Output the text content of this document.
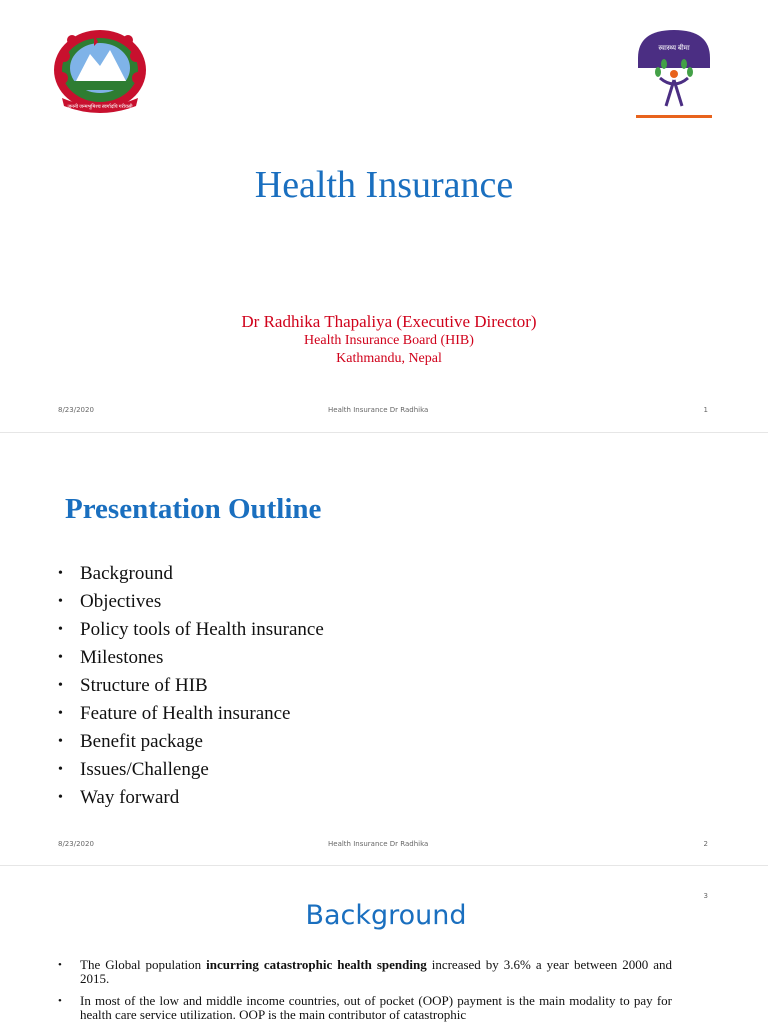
जननी जन्मभूमिश्च स्वर्गादपि गरीयसी
स्वास्थ्य बीमा
Health Insurance
Dr Radhika Thapaliya (Executive Director)
Health Insurance Board (HIB)
Kathmandu, Nepal
8/23/2020	Health Insurance Dr Radhika	1
Presentation Outline
• Background
• Objectives
• Policy tools of Health insurance
• Milestones
• Structure of HIB
• Feature of Health insurance
• Benefit package
• Issues/Challenge
• Way forward
8/23/2020	Health Insurance Dr Radhika	2
3
Background
• The Global population incurring catastrophic health spending increased by 3.6% a year between 2000 and 2015.
• In most of the low and middle income countries, out of pocket (OOP) payment is the main modality to pay for health care service utilization. OOP is the main contributor of catastrophic
